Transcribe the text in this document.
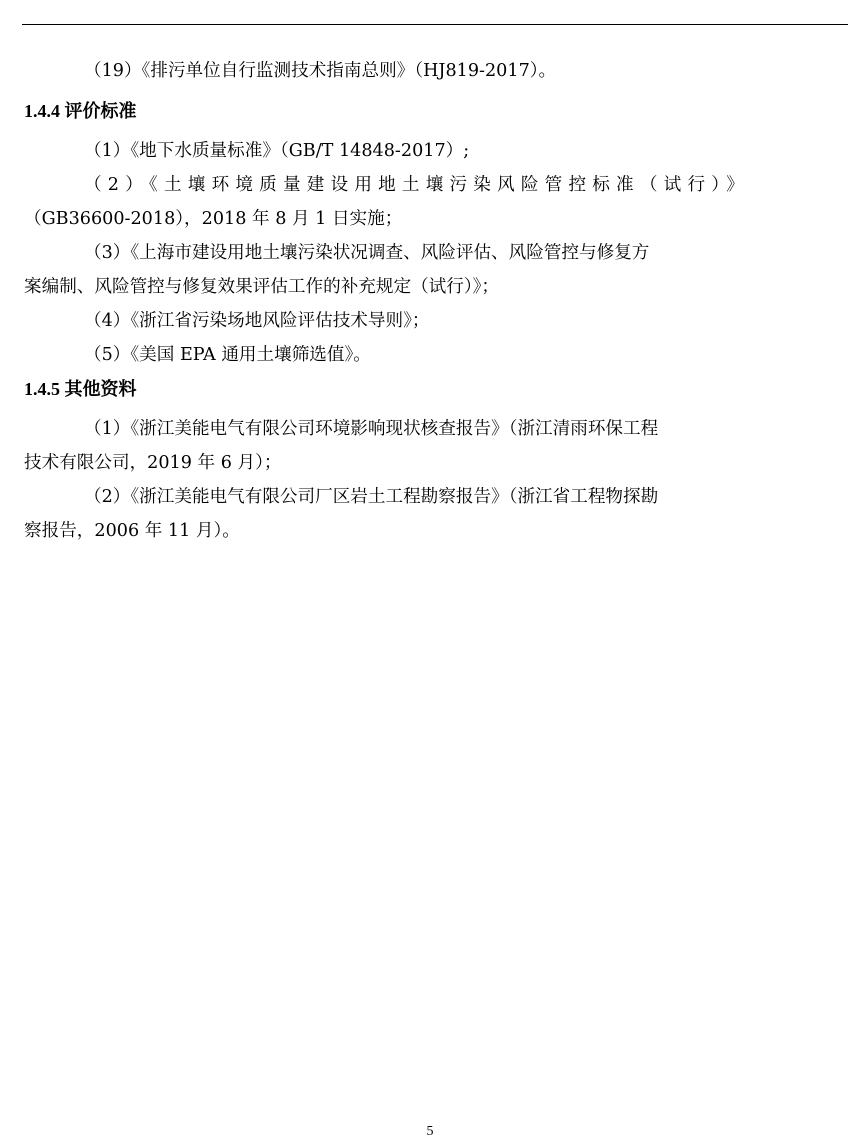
（19）《排污单位自行监测技术指南总则》（HJ819-2017）。
1.4.4 评价标准
（1）《地下水质量标准》（GB/T 14848-2017）;
（2）《土壤环境质量建设用地土壤污染风险管控标准（试行）》
（GB36600-2018），2018 年 8 月 1 日实施；
（3）《上海市建设用地土壤污染状况调查、风险评估、风险管控与修复方
案编制、风险管控与修复效果评估工作的补充规定（试行）》；
（4）《浙江省污染场地风险评估技术导则》；
（5）《美国 EPA 通用土壤筛选值》。
1.4.5 其他资料
（1）《浙江美能电气有限公司环境影响现状核查报告》（浙江清雨环保工程
技术有限公司，2019 年 6 月）；
（2）《浙江美能电气有限公司厂区岩土工程勘察报告》（浙江省工程物探勘
察报告，2006 年 11 月）。
5
